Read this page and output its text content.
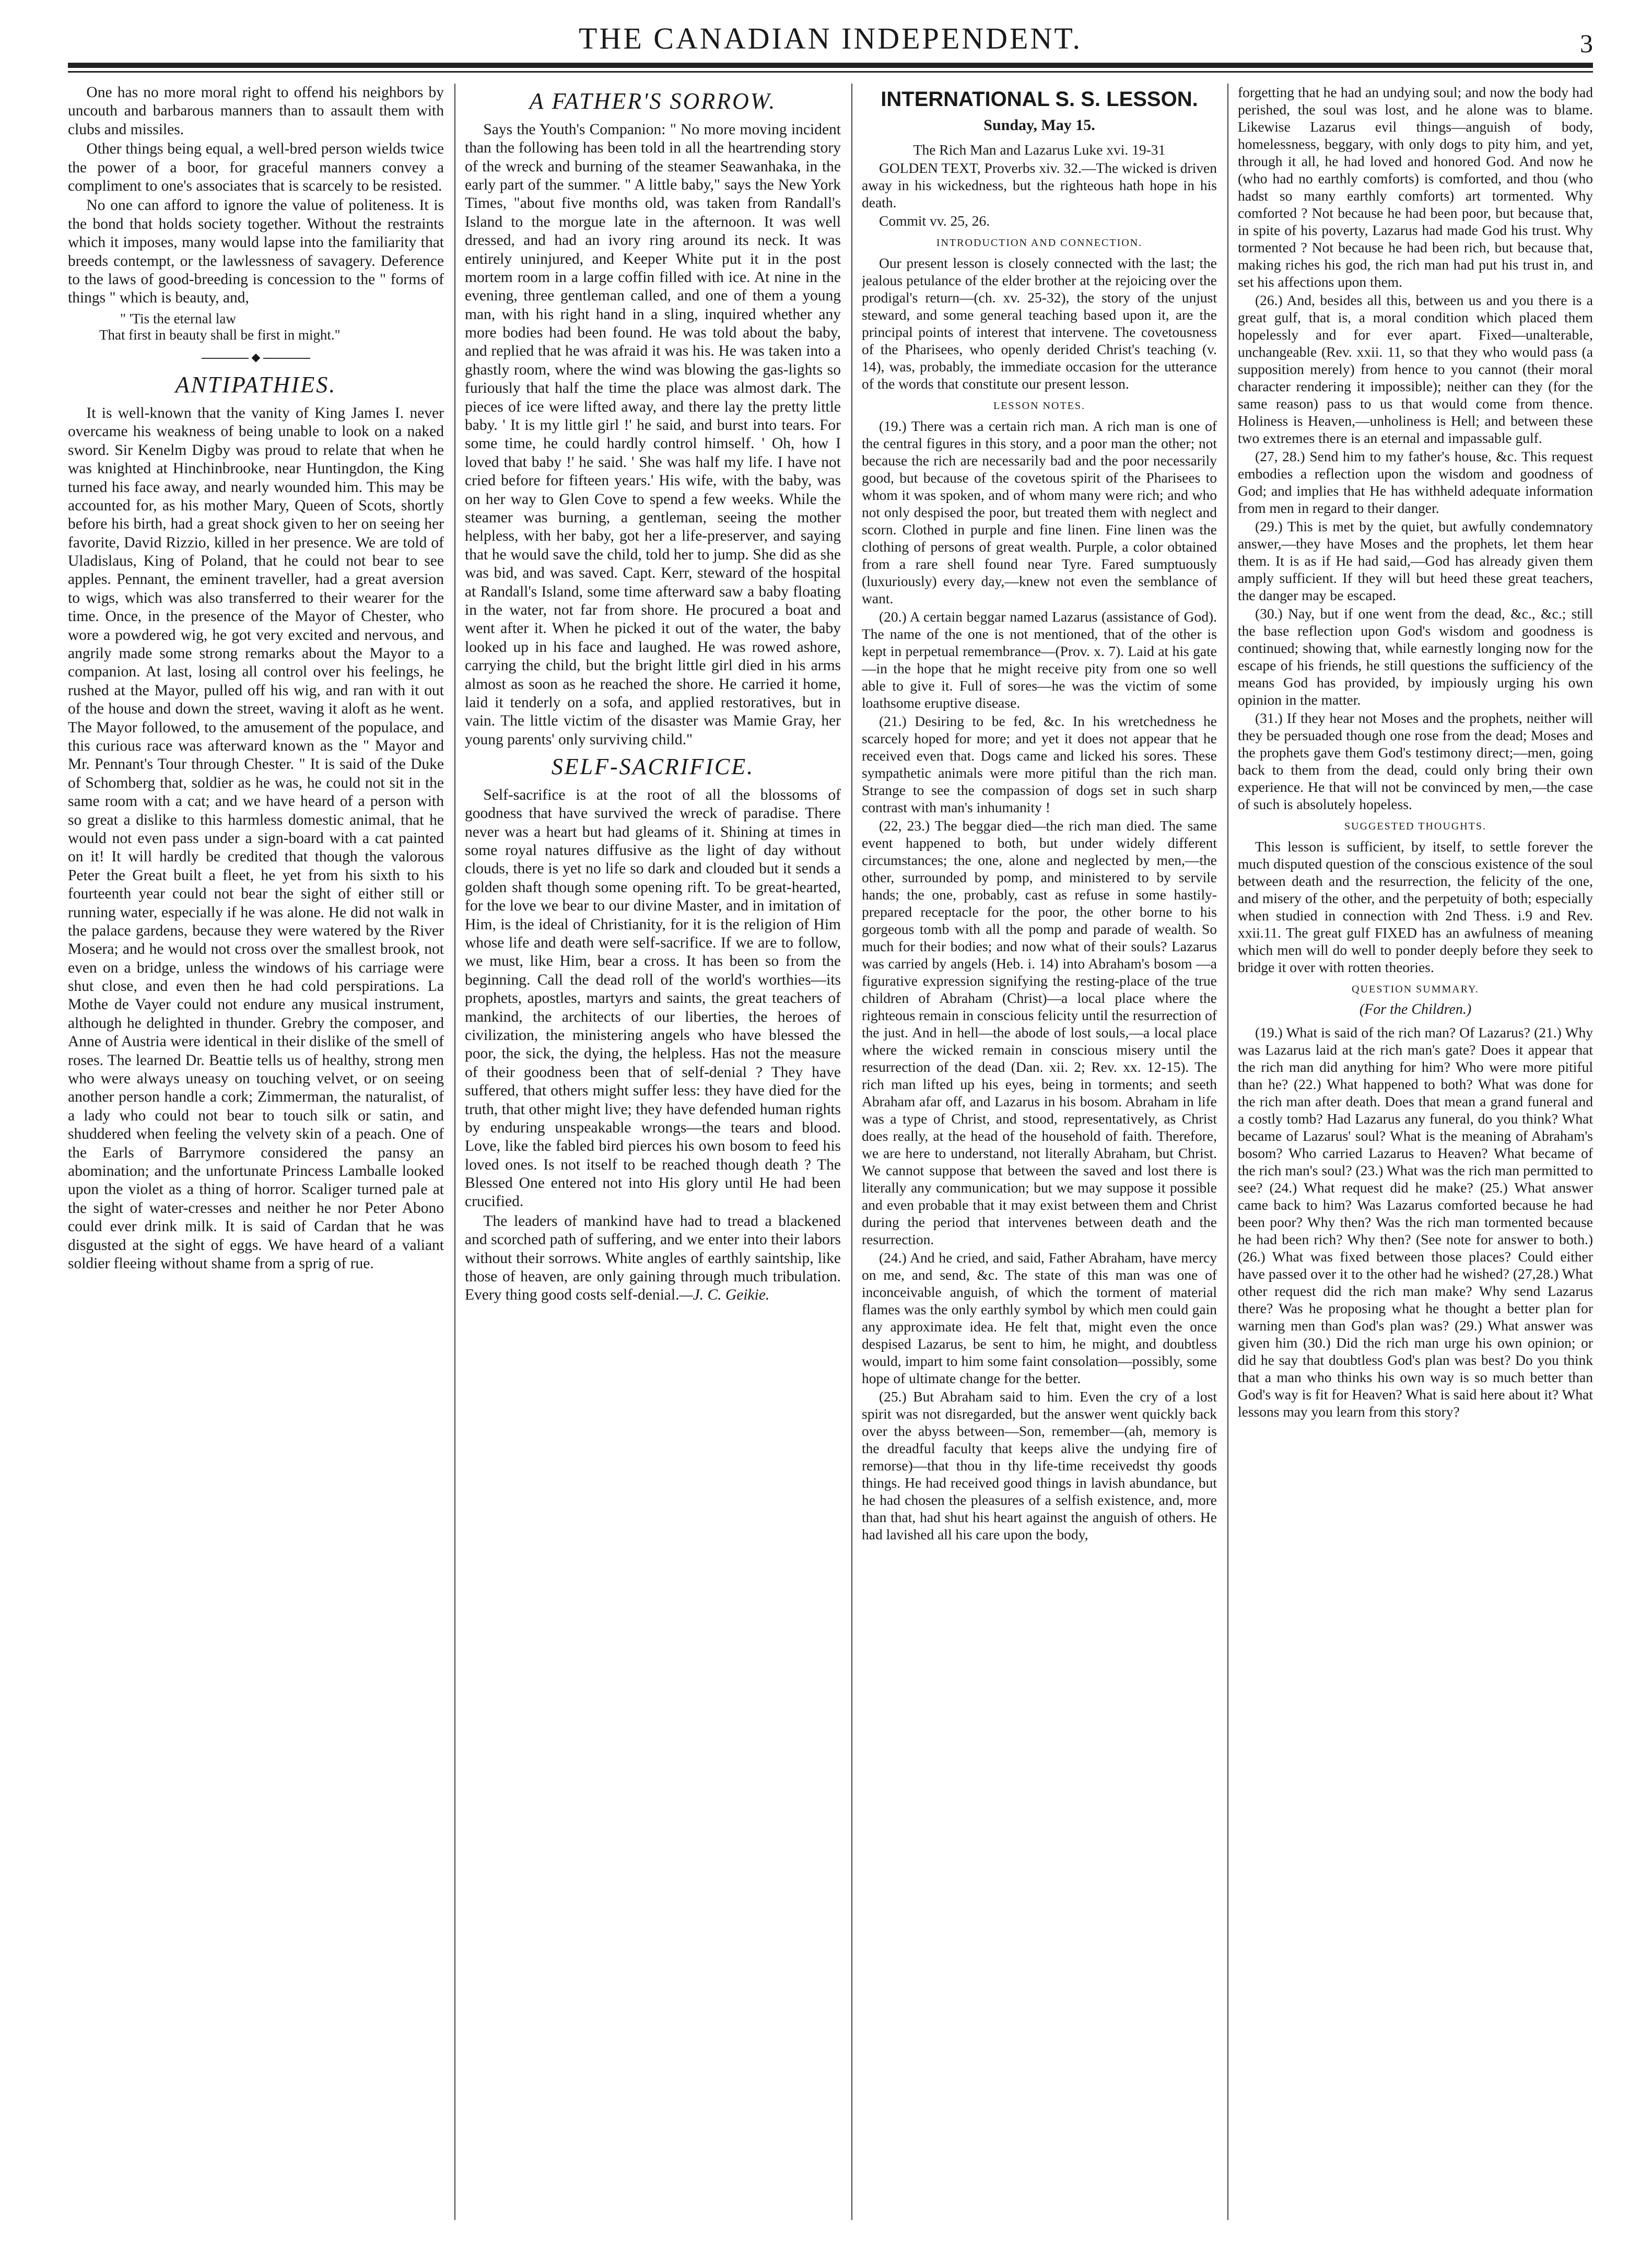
THE CANADIAN INDEPENDENT.	3

One has no more moral right to offend his neighbors by uncouth and barbarous manners than to assault them with clubs and missiles.

Other things being equal, a well-bred person wields twice the power of a boor, for graceful manners convey a compliment to one's associates that is scarcely to be resisted.

No one can afford to ignore the value of politeness. It is the bond that holds society together. Without the restraints which it imposes, many would lapse into the familiarity that breeds contempt, or the lawlessness of savagery. Deference to the laws of good-breeding is concession to the " forms of things " which is beauty, and,

" 'Tis the eternal law
That first in beauty shall be first in might."
◆
ANTIPATHIES.

It is well-known that the vanity of King James I. never overcame his weakness of being unable to look on a naked sword. Sir Kenelm Digby was proud to relate that when he was knighted at Hinchinbrooke, near Huntingdon, the King turned his face away, and nearly wounded him. This may be accounted for, as his mother Mary, Queen of Scots, shortly before his birth, had a great shock given to her on seeing her favorite, David Rizzio, killed in her presence. We are told of Uladislaus, King of Poland, that he could not bear to see apples. Pennant, the eminent traveller, had a great aversion to wigs, which was also transferred to their wearer for the time. Once, in the presence of the Mayor of Chester, who wore a powdered wig, he got very excited and nervous, and angrily made some strong remarks about the Mayor to a companion. At last, losing all control over his feelings, he rushed at the Mayor, pulled off his wig, and ran with it out of the house and down the street, waving it aloft as he went. The Mayor followed, to the amusement of the populace, and this curious race was afterward known as the " Mayor and Mr. Pennant's Tour through Chester. " It is said of the Duke of Schomberg that, soldier as he was, he could not sit in the same room with a cat; and we have heard of a person with so great a dislike to this harmless domestic animal, that he would not even pass under a sign-board with a cat painted on it! It will hardly be credited that though the valorous Peter the Great built a fleet, he yet from his sixth to his fourteenth year could not bear the sight of either still or running water, especially if he was alone. He did not walk in the palace gardens, because they were watered by the River Mosera; and he would not cross over the smallest brook, not even on a bridge, unless the windows of his carriage were shut close, and even then he had cold perspirations. La Mothe de Vayer could not endure any musical instrument, although he delighted in thunder. Grebry the composer, and Anne of Austria were identical in their dislike of the smell of roses. The learned Dr. Beattie tells us of healthy, strong men who were always uneasy on touching velvet, or on seeing another person handle a cork; Zimmerman, the naturalist, of a lady who could not bear to touch silk or satin, and shuddered when feeling the velvety skin of a peach. One of the Earls of Barrymore considered the pansy an abomination; and the unfortunate Princess Lamballe looked upon the violet as a thing of horror. Scaliger turned pale at the sight of water-cresses and neither he nor Peter Abono could ever drink milk. It is said of Cardan that he was disgusted at the sight of eggs. We have heard of a valiant soldier fleeing without shame from a sprig of rue.

A FATHER'S SORROW.

Says the Youth's Companion: " No more moving incident than the following has been told in all the heartrending story of the wreck and burning of the steamer Seawanhaka, in the early part of the summer. " A little baby," says the New York Times, "about five months old, was taken from Randall's Island to the morgue late in the afternoon. It was well dressed, and had an ivory ring around its neck. It was entirely uninjured, and Keeper White put it in the post mortem room in a large coffin filled with ice. At nine in the evening, three gentleman called, and one of them a young man, with his right hand in a sling, inquired whether any more bodies had been found. He was told about the baby, and replied that he was afraid it was his. He was taken into a ghastly room, where the wind was blowing the gas-lights so furiously that half the time the place was almost dark. The pieces of ice were lifted away, and there lay the pretty little baby. ' It is my little girl !' he said, and burst into tears. For some time, he could hardly control himself. ' Oh, how I loved that baby !' he said. ' She was half my life. I have not cried before for fifteen years.' His wife, with the baby, was on her way to Glen Cove to spend a few weeks. While the steamer was burning, a gentleman, seeing the mother helpless, with her baby, got her a life-preserver, and saying that he would save the child, told her to jump. She did as she was bid, and was saved. Capt. Kerr, steward of the hospital at Randall's Island, some time afterward saw a baby floating in the water, not far from shore. He procured a boat and went after it. When he picked it out of the water, the baby looked up in his face and laughed. He was rowed ashore, carrying the child, but the bright little girl died in his arms almost as soon as he reached the shore. He carried it home, laid it tenderly on a sofa, and applied restoratives, but in vain. The little victim of the disaster was Mamie Gray, her young parents' only surviving child."

SELF-SACRIFICE.

Self-sacrifice is at the root of all the blossoms of goodness that have survived the wreck of paradise. There never was a heart but had gleams of it. Shining at times in some royal natures diffusive as the light of day without clouds, there is yet no life so dark and clouded but it sends a golden shaft though some opening rift. To be great-hearted, for the love we bear to our divine Master, and in imitation of Him, is the ideal of Christianity, for it is the religion of Him whose life and death were self-sacrifice. If we are to follow, we must, like Him, bear a cross. It has been so from the beginning. Call the dead roll of the world's worthies—its prophets, apostles, martyrs and saints, the great teachers of mankind, the architects of our liberties, the heroes of civilization, the ministering angels who have blessed the poor, the sick, the dying, the helpless. Has not the measure of their goodness been that of self-denial ? They have suffered, that others might suffer less: they have died for the truth, that other might live; they have defended human rights by enduring unspeakable wrongs—the tears and blood. Love, like the fabled bird pierces his own bosom to feed his loved ones. Is not itself to be reached though death ? The Blessed One entered not into His glory until He had been crucified.

The leaders of mankind have had to tread a blackened and scorched path of suffering, and we enter into their labors without their sorrows. White angles of earthly saintship, like those of heaven, are only gaining through much tribulation. Every thing good costs self-denial.—J. C. Geikie.

INTERNATIONAL S. S. LESSON.
Sunday, May 15.

The Rich Man and Lazarus Luke xvi. 19-31

GOLDEN TEXT, Proverbs xiv. 32.—The wicked is driven away in his wickedness, but the righteous hath hope in his death.

Commit vv. 25, 26.

INTRODUCTION AND CONNECTION.

Our present lesson is closely connected with the last; the jealous petulance of the elder brother at the rejoicing over the prodigal's return—(ch. xv. 25-32), the story of the unjust steward, and some general teaching based upon it, are the principal points of interest that intervene. The covetousness of the Pharisees, who openly derided Christ's teaching (v. 14), was, probably, the immediate occasion for the utterance of the words that constitute our present lesson.

LESSON NOTES.

(19.) There was a certain rich man. A rich man is one of the central figures in this story, and a poor man the other; not because the rich are necessarily bad and the poor necessarily good, but because of the covetous spirit of the Pharisees to whom it was spoken, and of whom many were rich; and who not only despised the poor, but treated them with neglect and scorn. Clothed in purple and fine linen. Fine linen was the clothing of persons of great wealth. Purple, a color obtained from a rare shell found near Tyre. Fared sumptuously (luxuriously) every day,—knew not even the semblance of want.

(20.) A certain beggar named Lazarus (assistance of God). The name of the one is not mentioned, that of the other is kept in perpetual remembrance—(Prov. x. 7). Laid at his gate—in the hope that he might receive pity from one so well able to give it. Full of sores—he was the victim of some loathsome eruptive disease.

(21.) Desiring to be fed, &c. In his wretchedness he scarcely hoped for more; and yet it does not appear that he received even that. Dogs came and licked his sores. These sympathetic animals were more pitiful than the rich man. Strange to see the compassion of dogs set in such sharp contrast with man's inhumanity !

(22, 23.) The beggar died—the rich man died. The same event happened to both, but under widely different circumstances; the one, alone and neglected by men,—the other, surrounded by pomp, and ministered to by servile hands; the one, probably, cast as refuse in some hastily-prepared receptacle for the poor, the other borne to his gorgeous tomb with all the pomp and parade of wealth. So much for their bodies; and now what of their souls? Lazarus was carried by angels (Heb. i. 14) into Abraham's bosom —a figurative expression signifying the resting-place of the true children of Abraham (Christ)—a local place where the righteous remain in conscious felicity until the resurrection of the just. And in hell—the abode of lost souls,—a local place where the wicked remain in conscious misery until the resurrection of the dead (Dan. xii. 2; Rev. xx. 12-15). The rich man lifted up his eyes, being in torments; and seeth Abraham afar off, and Lazarus in his bosom. Abraham in life was a type of Christ, and stood, representatively, as Christ does really, at the head of the household of faith. Therefore, we are here to understand, not literally Abraham, but Christ. We cannot suppose that between the saved and lost there is literally any communication; but we may suppose it possible and even probable that it may exist between them and Christ during the period that intervenes between death and the resurrection.

(24.) And he cried, and said, Father Abraham, have mercy on me, and send, &c. The state of this man was one of inconceivable anguish, of which the torment of material flames was the only earthly symbol by which men could gain any approximate idea. He felt that, might even the once despised Lazarus, be sent to him, he might, and doubtless would, impart to him some faint consolation—possibly, some hope of ultimate change for the better.

(25.) But Abraham said to him. Even the cry of a lost spirit was not disregarded, but the answer went quickly back over the abyss between—Son, remember—(ah, memory is the dreadful faculty that keeps alive the undying fire of remorse)—that thou in thy life-time receivedst thy goods things. He had received good things in lavish abundance, but he had chosen the pleasures of a selfish existence, and, more than that, had shut his heart against the anguish of others. He had lavished all his care upon the body,

forgetting that he had an undying soul; and now the body had perished, the soul was lost, and he alone was to blame. Likewise Lazarus evil things—anguish of body, homelessness, beggary, with only dogs to pity him, and yet, through it all, he had loved and honored God. And now he (who had no earthly comforts) is comforted, and thou (who hadst so many earthly comforts) art tormented. Why comforted ? Not because he had been poor, but because that, in spite of his poverty, Lazarus had made God his trust. Why tormented ? Not because he had been rich, but because that, making riches his god, the rich man had put his trust in, and set his affections upon them.

(26.) And, besides all this, between us and you there is a great gulf, that is, a moral condition which placed them hopelessly and for ever apart. Fixed—unalterable, unchangeable (Rev. xxii. 11, so that they who would pass (a supposition merely) from hence to you cannot (their moral character rendering it impossible); neither can they (for the same reason) pass to us that would come from thence. Holiness is Heaven,—unholiness is Hell; and between these two extremes there is an eternal and impassable gulf.

(27, 28.) Send him to my father's house, &c. This request embodies a reflection upon the wisdom and goodness of God; and implies that He has withheld adequate information from men in regard to their danger.

(29.) This is met by the quiet, but awfully condemnatory answer,—they have Moses and the prophets, let them hear them. It is as if He had said,—God has already given them amply sufficient. If they will but heed these great teachers, the danger may be escaped.

(30.) Nay, but if one went from the dead, &c., &c.; still the base reflection upon God's wisdom and goodness is continued; showing that, while earnestly longing now for the escape of his friends, he still questions the sufficiency of the means God has provided, by impiously urging his own opinion in the matter.

(31.) If they hear not Moses and the prophets, neither will they be persuaded though one rose from the dead; Moses and the prophets gave them God's testimony direct;—men, going back to them from the dead, could only bring their own experience. He that will not be convinced by men,—the case of such is absolutely hopeless.

SUGGESTED THOUGHTS.

This lesson is sufficient, by itself, to settle forever the much disputed question of the conscious existence of the soul between death and the resurrection, the felicity of the one, and misery of the other, and the perpetuity of both; especially when studied in connection with 2nd Thess. i.9 and Rev. xxii.11. The great gulf FIXED has an awfulness of meaning which men will do well to ponder deeply before they seek to bridge it over with rotten theories.

QUESTION SUMMARY.
(For the Children.)

(19.) What is said of the rich man? Of Lazarus? (21.) Why was Lazarus laid at the rich man's gate? Does it appear that the rich man did anything for him? Who were more pitiful than he? (22.) What happened to both? What was done for the rich man after death. Does that mean a grand funeral and a costly tomb? Had Lazarus any funeral, do you think? What became of Lazarus' soul? What is the meaning of Abraham's bosom? Who carried Lazarus to Heaven? What became of the rich man's soul? (23.) What was the rich man permitted to see? (24.) What request did he make? (25.) What answer came back to him? Was Lazarus comforted because he had been poor? Why then? Was the rich man tormented because he had been rich? Why then? (See note for answer to both.) (26.) What was fixed between those places? Could either have passed over it to the other had he wished? (27,28.) What other request did the rich man make? Why send Lazarus there? Was he proposing what he thought a better plan for warning men than God's plan was? (29.) What answer was given him (30.) Did the rich man urge his own opinion; or did he say that doubtless God's plan was best? Do you think that a man who thinks his own way is so much better than God's way is fit for Heaven? What is said here about it? What lessons may you learn from this story?
